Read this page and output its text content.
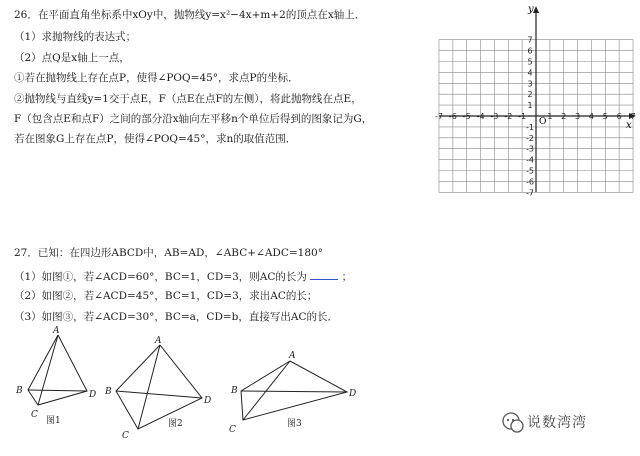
26．在平面直角坐标系中xOy中，抛物线y=x²−4x+m+2的顶点在x轴上．
（1）求抛物线的表达式；
（2）点Q是x轴上一点，
①若在抛物线上存在点P，使得∠POQ=45°，求点P的坐标．
②抛物线与直线y=1交于点E，F（点E在点F的左侧），将此抛物线在点E，
F（包含点E和点F）之间的部分沿x轴向左平移n个单位后得到的图象记为G，
若在图象G上存在点P，使得∠POQ=45°，求n的取值范围．
x
y
O
-7 -6 -5 -4 -3 -2 -1	1 2 3 4 5 6 7
7
6
5
4
3
2
1
-1
-2
-3
-4
-5
-6
-7
27．已知：在四边形ABCD中，AB=AD，∠ABC+∠ADC=180°
（1）如图①，若∠ACD=60°，BC=1，CD=3，则AC的长为	；
（2）如图②，若∠ACD=45°，BC=1，CD=3，求出AC的长；
（3）如图③，若∠ACD=30°，BC=a，CD=b，直接写出AC的长．
A
B
C
D
图1
A
B
C
D
图2
A
B
C
D
图3	说数湾湾
